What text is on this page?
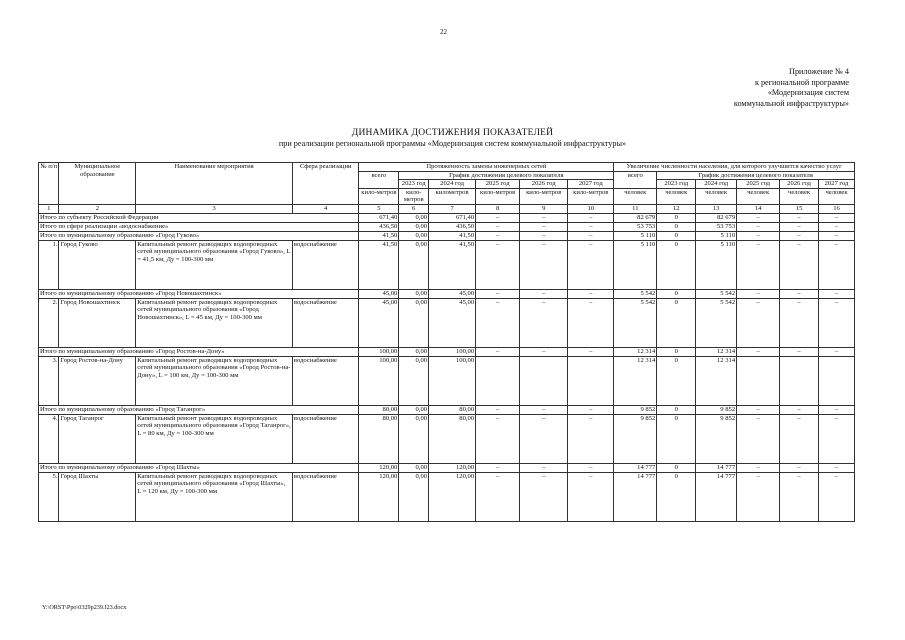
22
Приложение № 4
к региональной программе
«Модернизация систем
коммунальной инфраструктуры»
ДИНАМИКА ДОСТИЖЕНИЯ ПОКАЗАТЕЛЕЙ
при реализации региональной программы «Модернизация систем коммунальной инфраструктуры»
№ п/п	Муниципальное образование	Наименование мероприятия	Сфера реализации	Протяженность замены инженерных сетей						Увеличение численности населения, для которого улучшится качество услуг					
				всего	График достижения целевого показателя					всего	График достижения целевого показателя				
					2023 год	2024 год	2025 год	2026 год	2027 год		2023 год	2024 год	2025 год	2026 год	2027 год
				кило-метров	кило-метров	километров	кило-метров	кило-метров	кило-метров	человек	человек	человек	человек	человек	человек
1	2	3	4	5	6	7	8	9	10	11	12	13	14	15	16
Итого по субъекту Российской Федерации				671,40	0,00	671,40	–	–	–	82 679	0	82 679	–	–	–
Итого по сфере реализации «водоснабжение»				436,50	0,00	436,50	–	–	–	53 753	0	53 753	–	–	–
Итого по муниципальному образованию «Город Гуково»				41,50	0,00	41,50	–	–	–	5 110	0	5 110	–	–	–
1.	Город Гуково	Капитальный ремонт разводящих водопроводных сетей муниципального образования «Город Гуково», L = 41,5 км, Ду = 100-300 мм	водоснабжение	41,50	0,00	41,50	–	–	–	5 110	0	5 110	–	–	–
Итого по муниципальному образованию «Город Новошахтинск»				45,00	0,00	45,00	–	–	–	5 542	0	5 542	–	–	–
2.	Город Новошахтинск	Капитальный ремонт разводящих водопроводных сетей муниципального образования «Город Новошахтинск», L = 45 км, Ду = 100-300 мм	водоснабжение	45,00	0,00	45,00	–	–	–	5 542	0	5 542	–	–	–
Итого по муниципальному образованию «Город Ростов-на-Дону»				100,00	0,00	100,00	–	–	–	12 314	0	12 314	–	–	–
3.	Город Ростов-на-Дону	Капитальный ремонт разводящих водопроводных сетей муниципального образования «Город Ростов-на-Дону», L = 100 км, Ду = 100-300 мм	водоснабжение	100,00	0,00	100,00				12 314	0	12 314			
Итого по муниципальному образованию «Город Таганрог»				80,00	0,00	80,00	–	–	–	9 852	0	9 852	–	–	–
4.	Город Таганрог	Капитальный ремонт разводящих водопроводных сетей муниципального образования «Город Таганрог», L = 80 км, Ду = 100-300 мм	водоснабжение	80,00	0,00	80,00	–	–	–	9 852	0	9 852	–	–	–
Итого по муниципальному образованию «Город Шахты»				120,00	0,00	120,00	–	–	–	14 777	0	14 777	–	–	–
5.	Город Шахты	Капитальный ремонт разводящих водопроводных сетей муниципального образования «Город Шахты», L = 120 км, Ду = 100-300 мм	водоснабжение	120,00	0,00	120,00	–	–	–	14 777	0	14 777	–	–	–
Y:\ORST\Ppo\0329p239.f23.docx
